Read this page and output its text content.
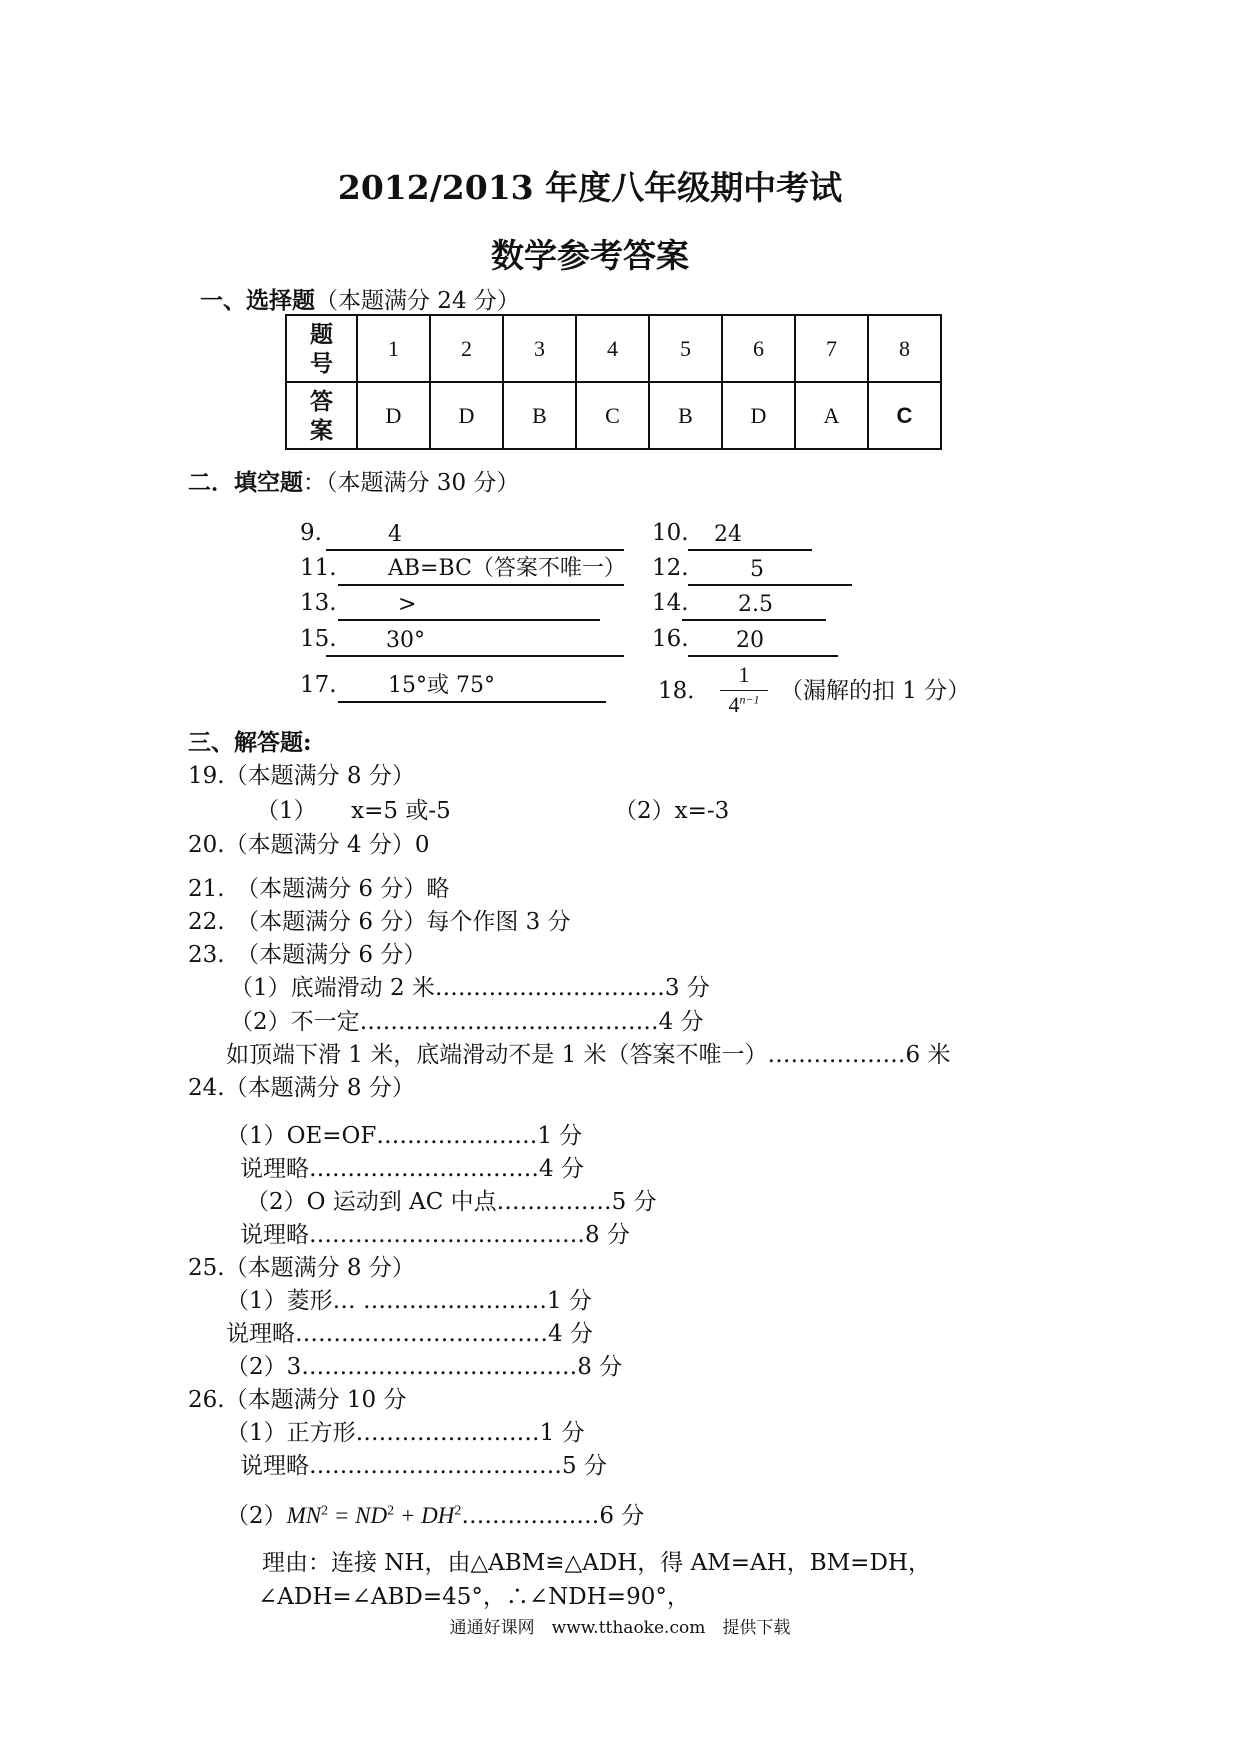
2012/2013 年度八年级期中考试
数学参考答案
一、选择题（本题满分 24 分）
题
号	1	2	3	4	5	6	7	8
答
案	D	D	B	C	B	D	A	C
二．填空题：（本题满分 30 分）
9.	4	10. 24
11. AB=BC（答案不唯一） 12.	5
13.	>	14. 2.5
15. 30°	16. 20
17. 15°或 75°	18． $\frac{1}{4^{n-1}}$ （漏解的扣 1 分）
三、解答题:
19.（本题满分 8 分）
（1）　　x=5 或-5	（2）x=-3
20.（本题满分 4 分）0
21.　（本题满分 6 分）略
22.　（本题满分 6 分）每个作图 3 分
23.　（本题满分 6 分）
（1）底端滑动 2 米…………………………3 分
（2）不一定…………………………………4 分
如顶端下滑 1 米，底端滑动不是 1 米（答案不唯一）………………6 米
24.（本题满分 8 分）
（1）OE=OF…………………1 分
说理略…………………………4 分
（2）O 运动到 AC 中点……………5 分
说理略………………………………8 分
25.（本题满分 8 分）
（1）菱形… ……………………1 分
说理略……………………………4 分
（2）3………………………………8 分
26.（本题满分 10 分
（1）正方形……………………1 分
说理略……………………………5 分
$(2)MN^2 = ND^2$ + $DH^2\dots\dots\dots\dots\dots\dots 6$ 分
理由：连接 NH，由△ABM≌△ADH，得 AM=AH，BM=DH，
∠ADH=∠ABD=45°，∴∠NDH=90°，
通通好课网　www.tthaoke.com　提供下载
